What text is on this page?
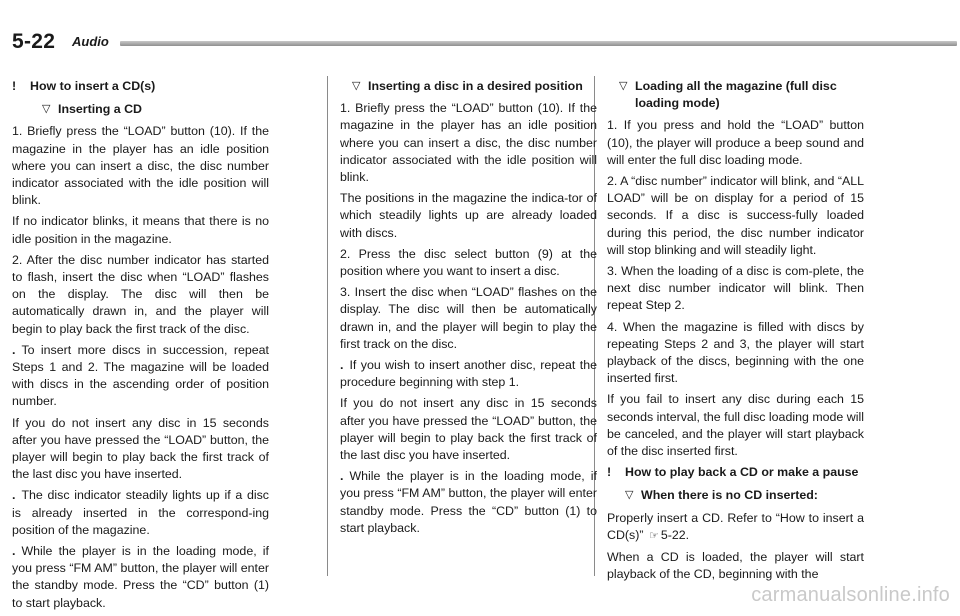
5-22 Audio

!	How to insert a CD(s)

▽ Inserting a CD

1. Briefly press the “LOAD” button (10). If the magazine in the player has an idle position where you can insert a disc, the disc number indicator associated with the idle position will blink.

If no indicator blinks, it means that there is no idle position in the magazine.

2. After the disc number indicator has started to flash, insert the disc when “LOAD” flashes on the display. The disc will then be automatically drawn in, and the player will begin to play back the first track of the disc.

. To insert more discs in succession, repeat Steps 1 and 2. The magazine will be loaded with discs in the ascending order of position number.

If you do not insert any disc in 15 seconds after you have pressed the “LOAD” button, the player will begin to play back the first track of the last disc you have inserted.

. The disc indicator steadily lights up if a disc is already inserted in the correspond-ing position of the magazine.

. While the player is in the loading mode, if you press “FM AM” button, the player will enter the standby mode. Press the “CD” button (1) to start playback.

▽ Inserting a disc in a desired position

1. Briefly press the “LOAD” button (10). If the magazine in the player has an idle position where you can insert a disc, the disc number indicator associated with the idle position will blink.

The positions in the magazine the indica-tor of which steadily lights up are already loaded with discs.

2. Press the disc select button (9) at the position where you want to insert a disc.

3. Insert the disc when “LOAD” flashes on the display. The disc will then be automatically drawn in, and the player will begin to play the first track on the disc.

. If you wish to insert another disc, repeat the procedure beginning with step 1.

If you do not insert any disc in 15 seconds after you have pressed the “LOAD” button, the player will begin to play back the first track of the last disc you have inserted.

. While the player is in the loading mode, if you press “FM AM” button, the player will enter standby mode. Press the “CD” button (1) to start playback.

▽ Loading all the magazine (full disc loading mode)

1. If you press and hold the “LOAD” button (10), the player will produce a beep sound and will enter the full disc loading mode.

2. A “disc number” indicator will blink, and “ALL LOAD” will be on display for a period of 15 seconds. If a disc is success-fully loaded during this period, the disc number indicator will stop blinking and will steadily light.

3. When the loading of a disc is com-plete, the next disc number indicator will blink. Then repeat Step 2.

4. When the magazine is filled with discs by repeating Steps 2 and 3, the player will start playback of the discs, beginning with the one inserted first.

If you fail to insert any disc during each 15 seconds interval, the full disc loading mode will be canceled, and the player will start playback of the disc inserted first.

!	How to play back a CD or make a pause

▽ When there is no CD inserted:

Properly insert a CD. Refer to “How to insert a CD(s)” ☞ 5-22.

When a CD is loaded, the player will start playback of the CD, beginning with the

carmanualsonline.info
